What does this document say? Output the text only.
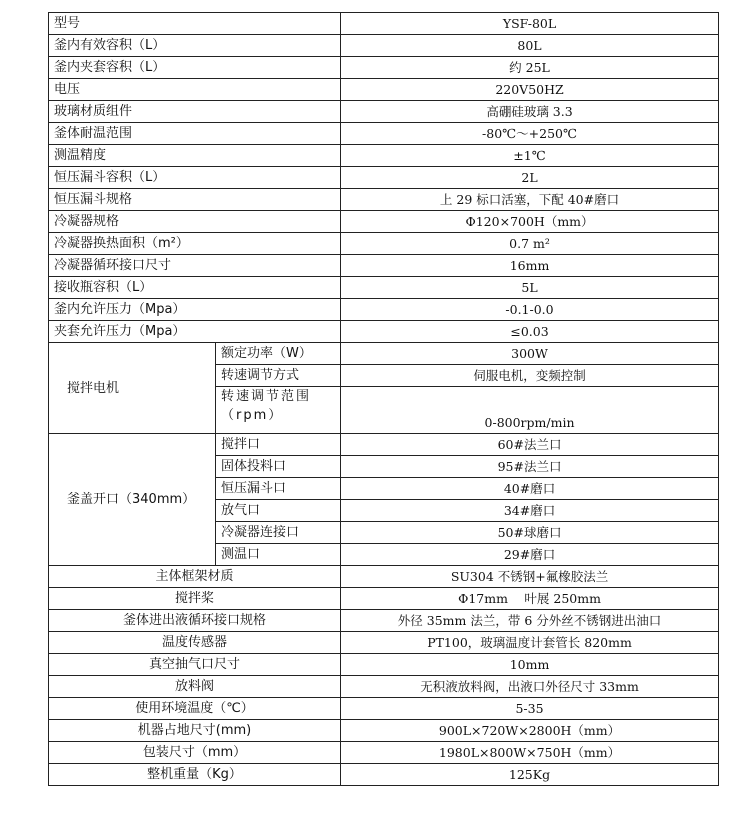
型号		YSF-80L
釜内有效容积（L）		80L
釜内夹套容积（L）		约 25L
电压		220V50HZ
玻璃材质组件		高硼硅玻璃 3.3
釜体耐温范围		-80℃～+250℃
测温精度		±1℃
恒压漏斗容积（L）		2L
恒压漏斗规格		上 29 标口活塞，下配 40#磨口
冷凝器规格		Φ120×700H（mm）
冷凝器换热面积（m²）		0.7 m²
冷凝器循环接口尺寸		16mm
接收瓶容积（L）		5L
釜内允许压力（Mpa）		-0.1-0.0
夹套允许压力（Mpa）		≤0.03
搅拌电机	额定功率（W）	300W
	转速调节方式	伺服电机，变频控制
	转速调节范围（rpm）	0-800rpm/min
釜盖开口（340mm）	搅拌口	60#法兰口
	固体投料口	95#法兰口
	恒压漏斗口	40#磨口
	放气口	34#磨口
	冷凝器连接口	50#球磨口
	测温口	29#磨口
主体框架材质		SU304 不锈钢+氟橡胶法兰
搅拌桨		Φ17mm　 叶展 250mm
釜体进出液循环接口规格		外径 35mm 法兰，带 6 分外丝不锈钢进出油口
温度传感器		PT100，玻璃温度计套管长 820mm
真空抽气口尺寸		10mm
放料阀		无积液放料阀，出液口外径尺寸 33mm
使用环境温度（℃）		5-35
机器占地尺寸(mm)		900L×720W×2800H（mm）
包装尺寸（mm）		1980L×800W×750H（mm）
整机重量（Kg）		125Kg
